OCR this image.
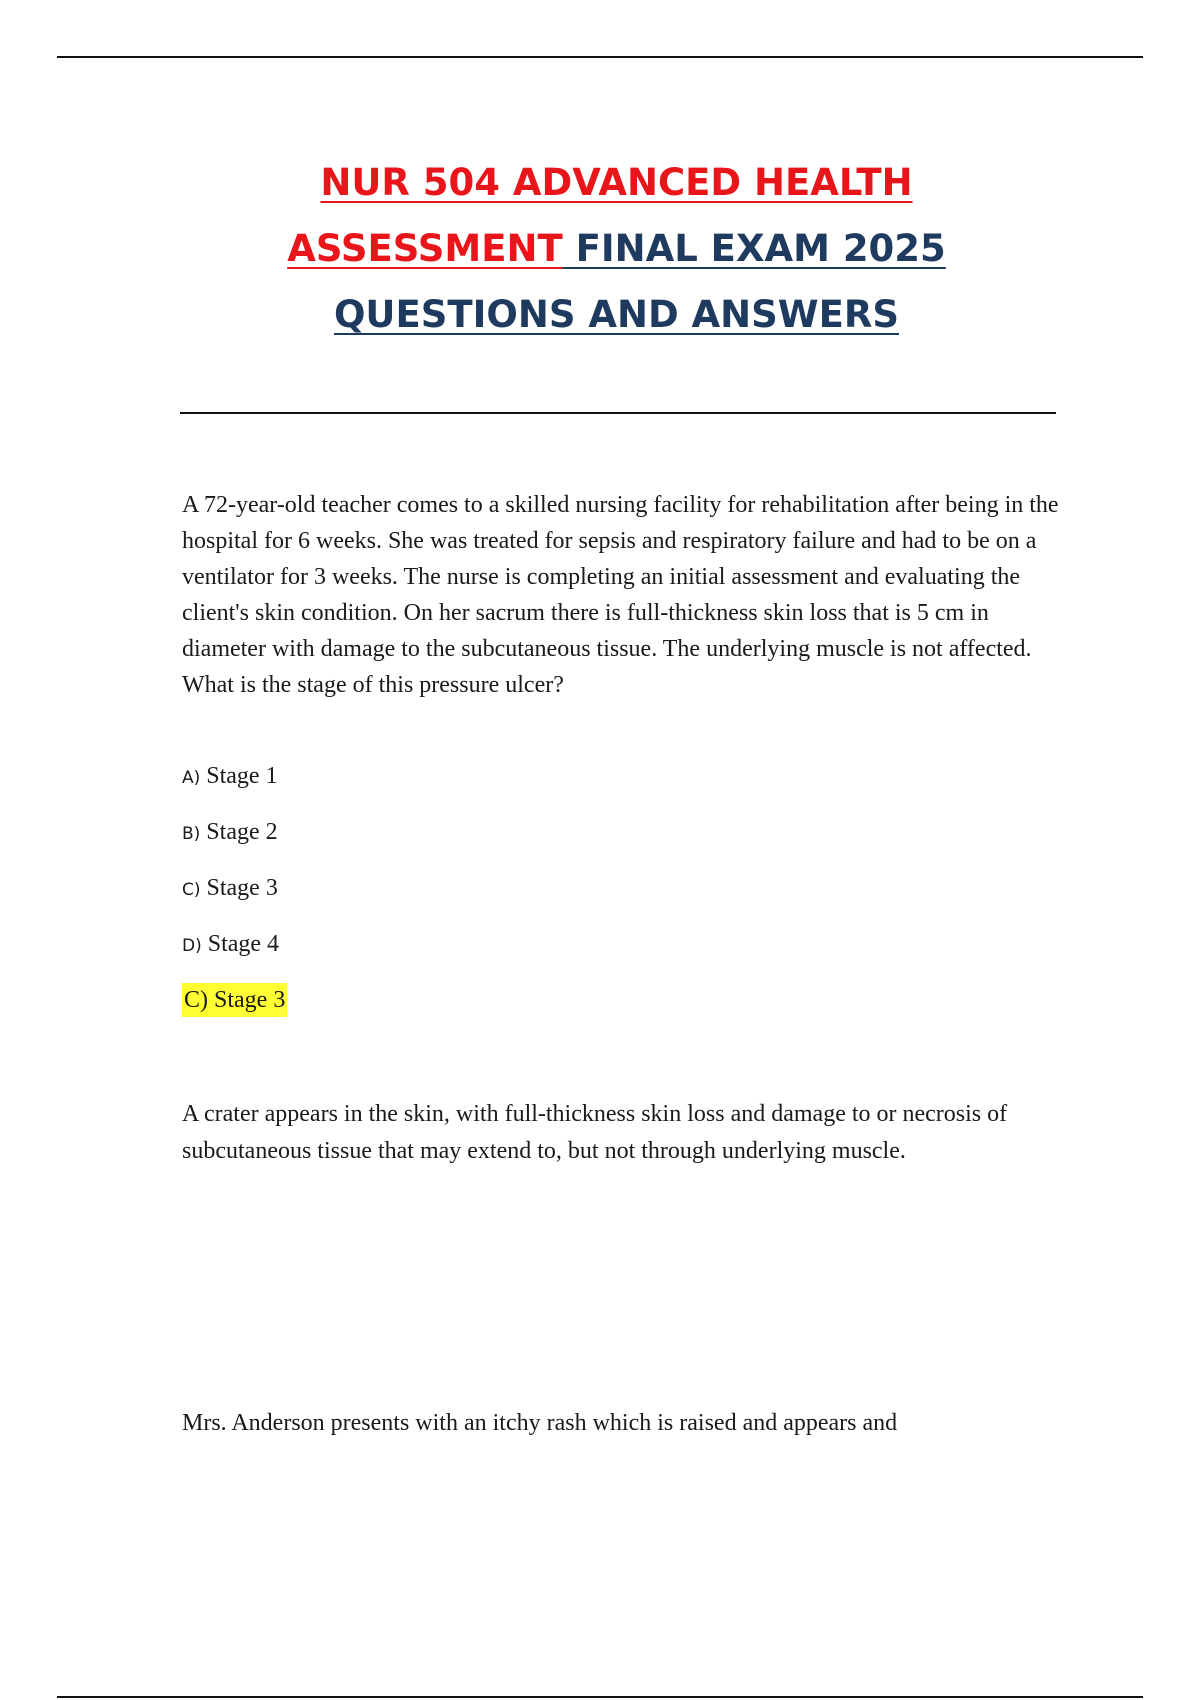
NUR 504 ADVANCED HEALTH
ASSESSMENT FINAL EXAM 2025
QUESTIONS AND ANSWERS

A 72-year-old teacher comes to a skilled nursing facility for rehabilitation after being in the hospital for 6 weeks. She was treated for sepsis and respiratory failure and had to be on a ventilator for 3 weeks. The nurse is completing an initial assessment and evaluating the client's skin condition. On her sacrum there is full-thickness skin loss that is 5 cm in diameter with damage to the subcutaneous tissue. The underlying muscle is not affected. What is the stage of this pressure ulcer?

A) Stage 1
B) Stage 2
C) Stage 3
D) Stage 4

C) Stage 3

A crater appears in the skin, with full-thickness skin loss and damage to or necrosis of subcutaneous tissue that may extend to, but not through underlying muscle.

Mrs. Anderson presents with an itchy rash which is raised and appears and
